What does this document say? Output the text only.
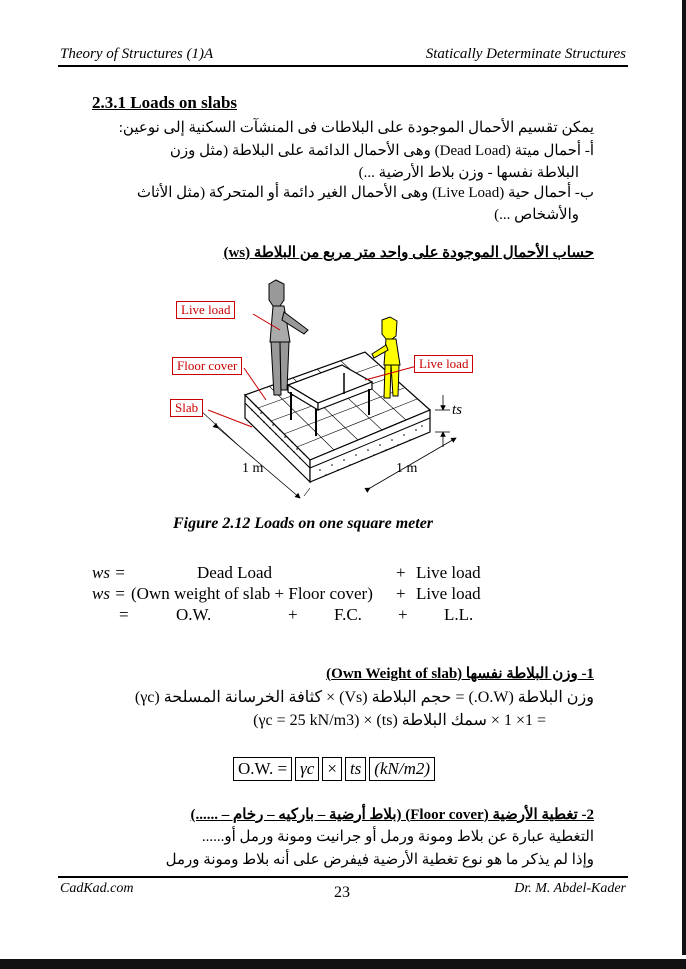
Theory of Structures (1)A	Statically Determinate Structures
2.3.1 Loads on slabs
يمكن تقسيم الأحمال الموجودة على البلاطات فى المنشآت السكنية إلى نوعين:
أ- أحمال ميتة (Dead Load) وهى الأحمال الدائمة على البلاطة (مثل وزن
البلاطة نفسها - وزن بلاط الأرضية ...)
ب- أحمال حية (Live Load) وهى الأحمال الغير دائمة أو المتحركة (مثل الأثاث
والأشخاص ...)
حساب الأحمال الموجودة على واحد متر مربع من البلاطة (ws)
Live load
Live load
Floor cover
Slab	ts
1 m	1 m
Figure 2.12 Loads on one square meter
ws =	Dead Load	+ Live load
ws = (Own weight of slab + Floor cover) + Live load
=	O.W.	+ F.C. + L.L.
1- وزن البلاطة نفسها (Own Weight of slab)
وزن البلاطة (O.W.) = حجم البلاطة (Vs) × كثافة الخرسانة المسلحة (γc)
= 1× 1 × سمك البلاطة (ts) × (γc = 25 kN/m3)
O.W. = γc × ts (kN/m2)
2- تغطية الأرضية (Floor cover) (بلاط أرضية – باركيه – رخام – ......)
التغطية عبارة عن بلاط ومونة ورمل أو جرانيت ومونة ورمل أو......
وإذا لم يذكر ما هو نوع تغطية الأرضية فيفرض على أنه بلاط ومونة ورمل
CadKad.com	23	Dr. M. Abdel-Kader
